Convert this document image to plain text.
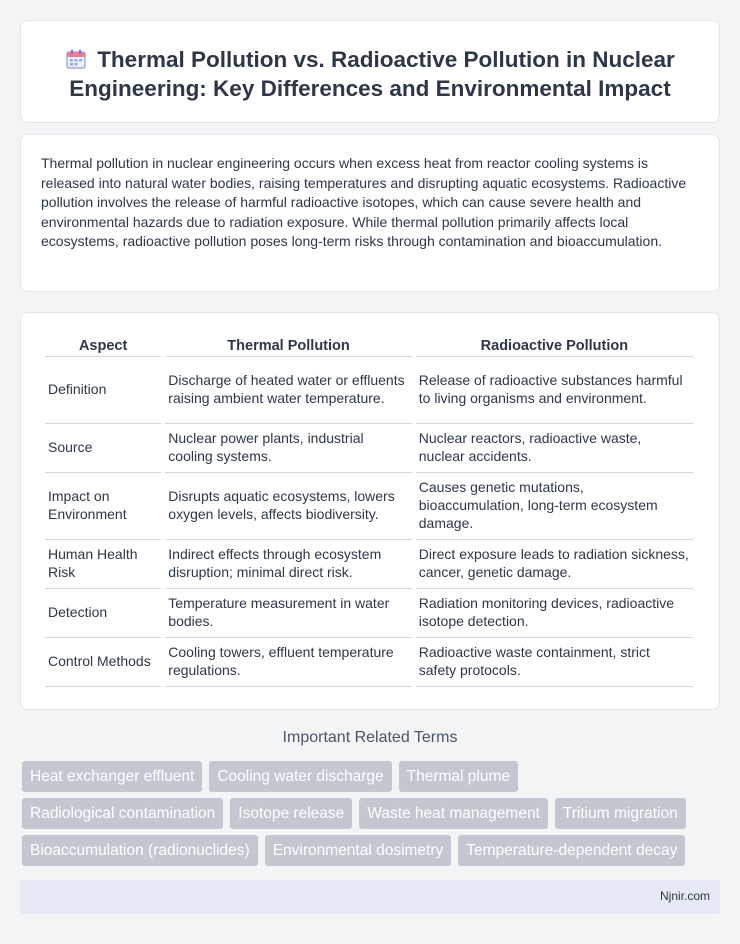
Thermal Pollution vs. Radioactive Pollution in Nuclear Engineering: Key Differences and Environmental Impact

Thermal pollution in nuclear engineering occurs when excess heat from reactor cooling systems is released into natural water bodies, raising temperatures and disrupting aquatic ecosystems. Radioactive pollution involves the release of harmful radioactive isotopes, which can cause severe health and environmental hazards due to radiation exposure. While thermal pollution primarily affects local ecosystems, radioactive pollution poses long-term risks through contamination and bioaccumulation.

Aspect	Thermal Pollution	Radioactive Pollution
Definition	Discharge of heated water or effluents raising ambient water temperature.	Release of radioactive substances harmful to living organisms and environment.
Source	Nuclear power plants, industrial cooling systems.	Nuclear reactors, radioactive waste, nuclear accidents.
Impact on Environment	Disrupts aquatic ecosystems, lowers oxygen levels, affects biodiversity.	Causes genetic mutations, bioaccumulation, long-term ecosystem damage.
Human Health Risk	Indirect effects through ecosystem disruption; minimal direct risk.	Direct exposure leads to radiation sickness, cancer, genetic damage.
Detection	Temperature measurement in water bodies.	Radiation monitoring devices, radioactive isotope detection.
Control Methods	Cooling towers, effluent temperature regulations.	Radioactive waste containment, strict safety protocols.
Important Related Terms
Heat exchanger effluent	Cooling water discharge	Thermal plume
Radiological contamination	Isotope release	Waste heat management	Tritium migration
Bioaccumulation (radionuclides)	Environmental dosimetry	Temperature-dependent decay
Njnir.com
